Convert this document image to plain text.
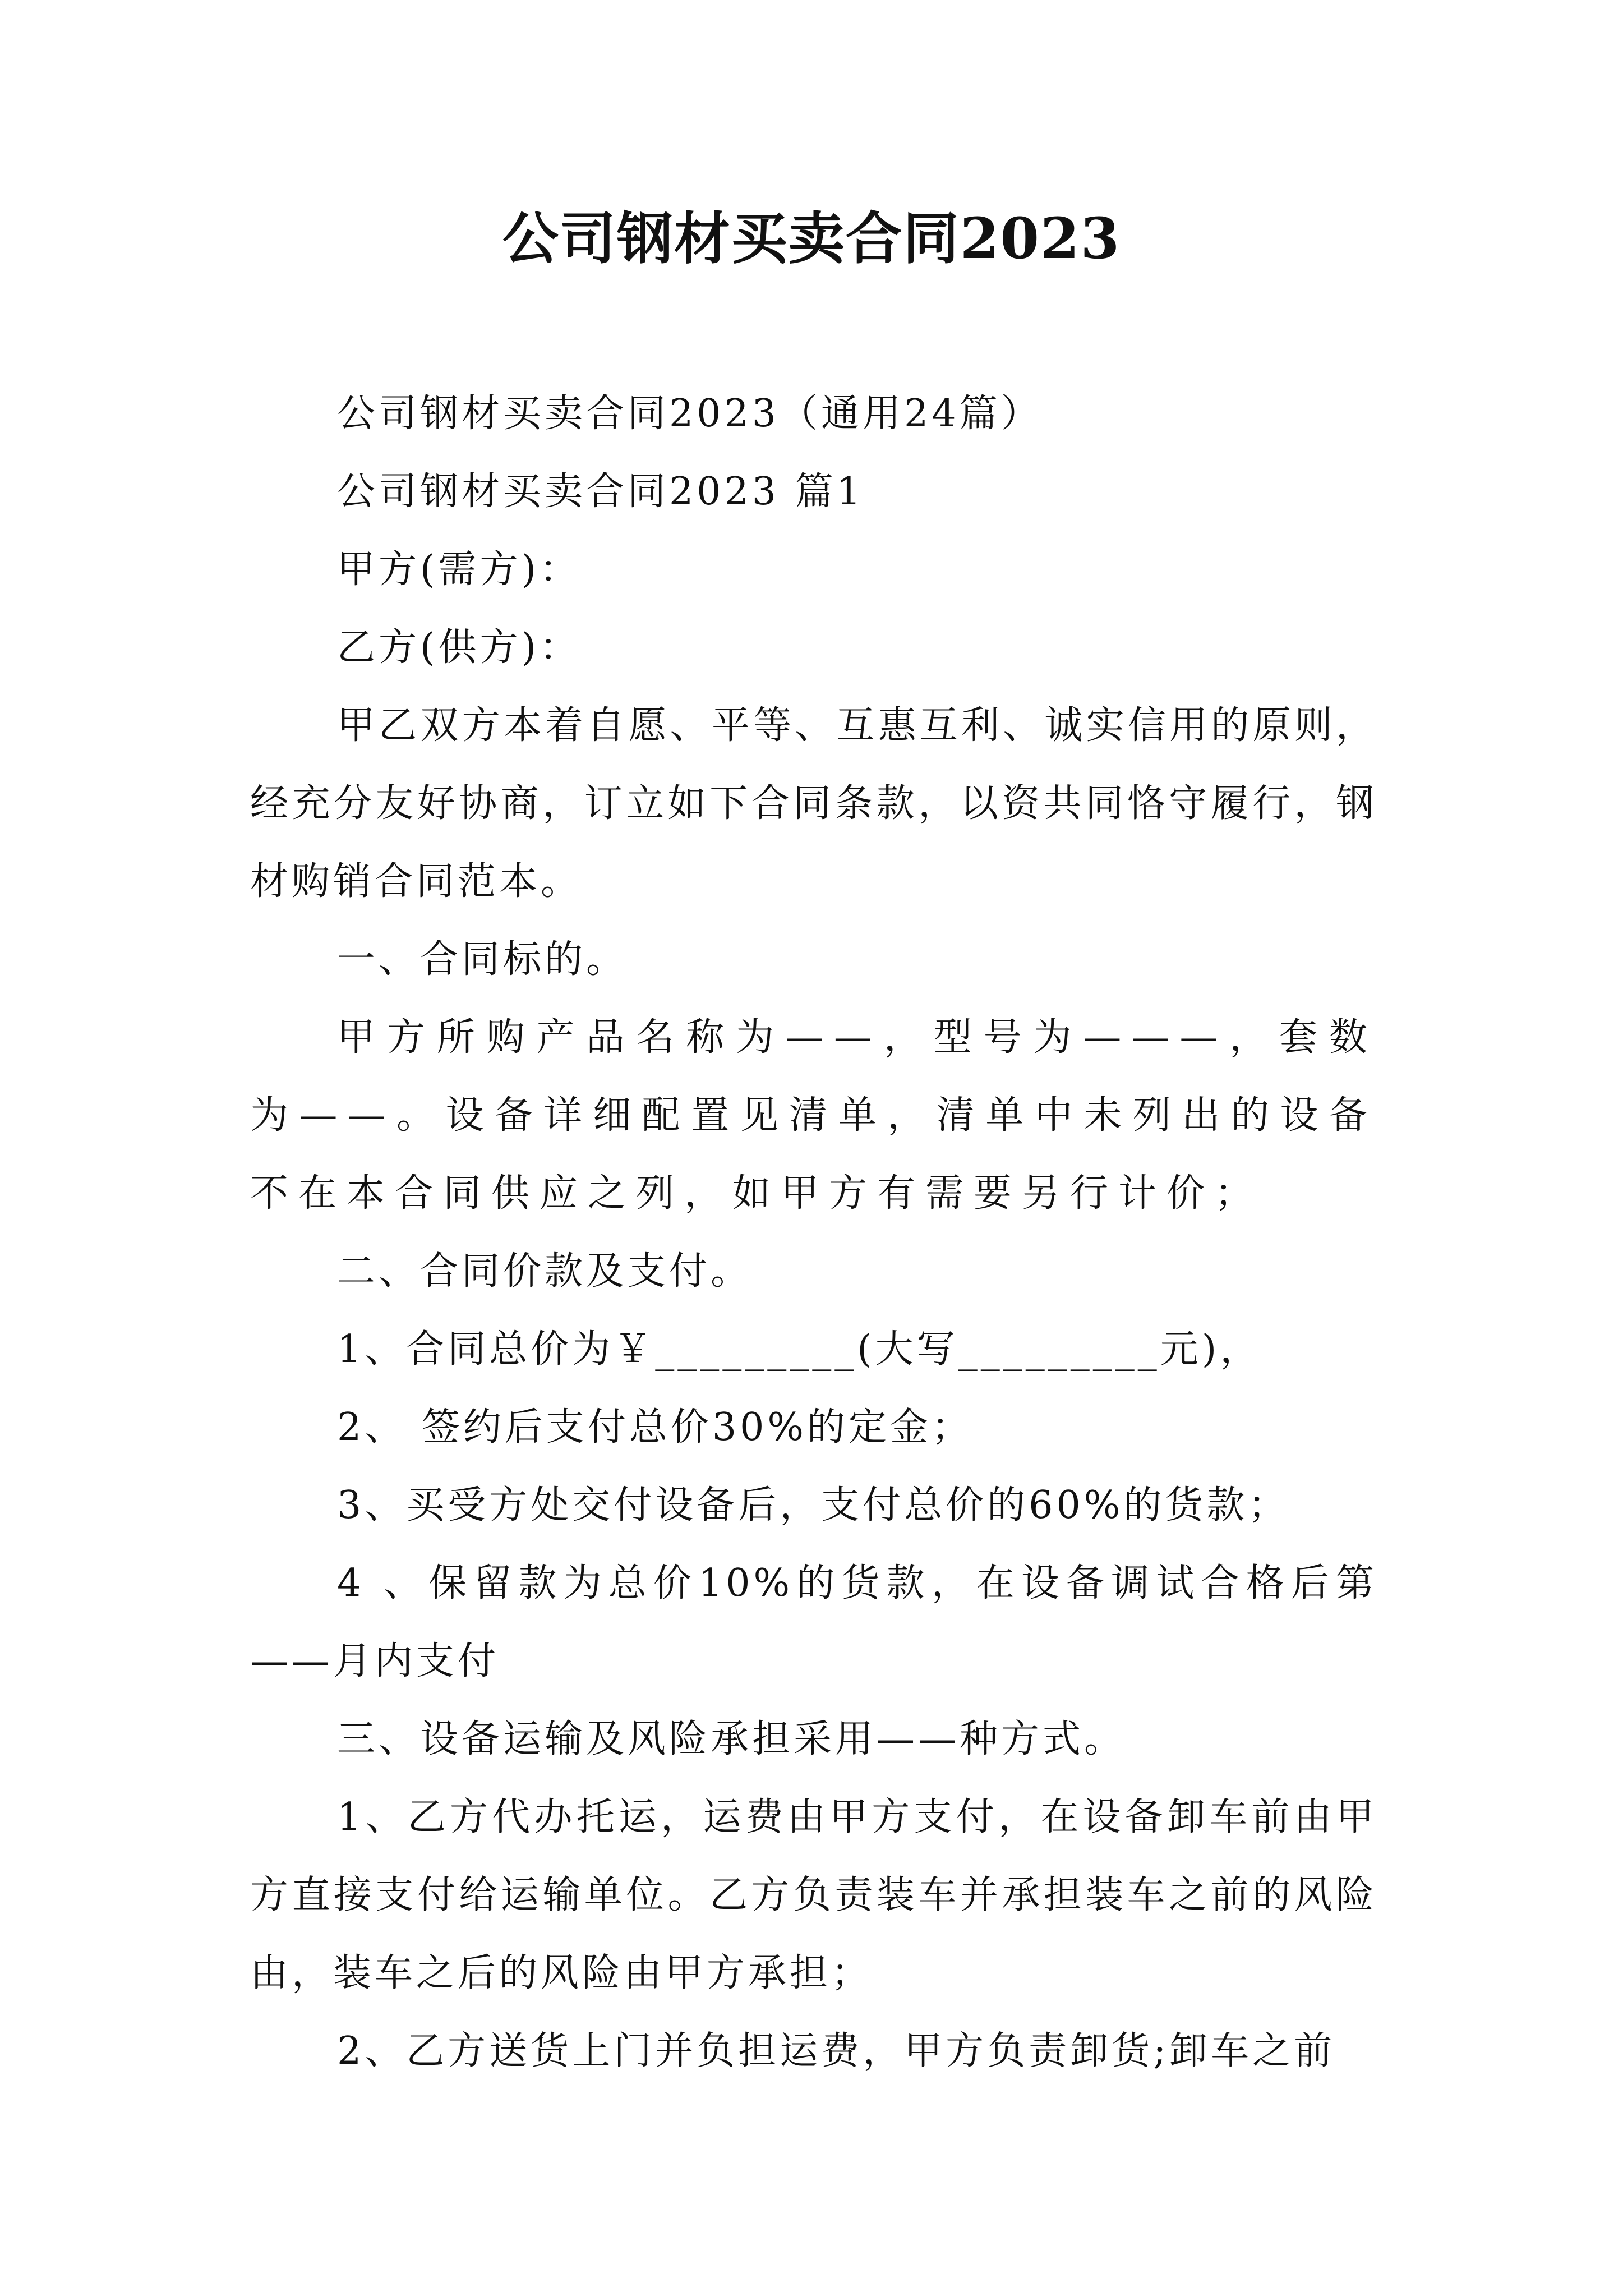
公司钢材买卖合同2023

公司钢材买卖合同2023（通用24篇）

公司钢材买卖合同2023 篇1

甲方(需方)：

乙方(供方)：

甲乙双方本着自愿、平等、互惠互利、诚实信用的原则，经充分友好协商，订立如下合同条款，以资共同恪守履行，钢材购销合同范本。

一、合同标的。

甲方所购产品名称为——，型号为———，套数为——。设备详细配置见清单，清单中未列出的设备不在本合同供应之列，如甲方有需要另行计价；

二、合同价款及支付。

1、合同总价为￥_________(大写_________元)，

2、 签约后支付总价30%的定金；

3、买受方处交付设备后，支付总价的60%的货款；

4 、保留款为总价10%的货款，在设备调试合格后第——月内支付

三、设备运输及风险承担采用——种方式。

1、乙方代办托运，运费由甲方支付，在设备卸车前由甲方直接支付给运输单位。乙方负责装车并承担装车之前的风险由，装车之后的风险由甲方承担；

2、乙方送货上门并负担运费，甲方负责卸货;卸车之前
